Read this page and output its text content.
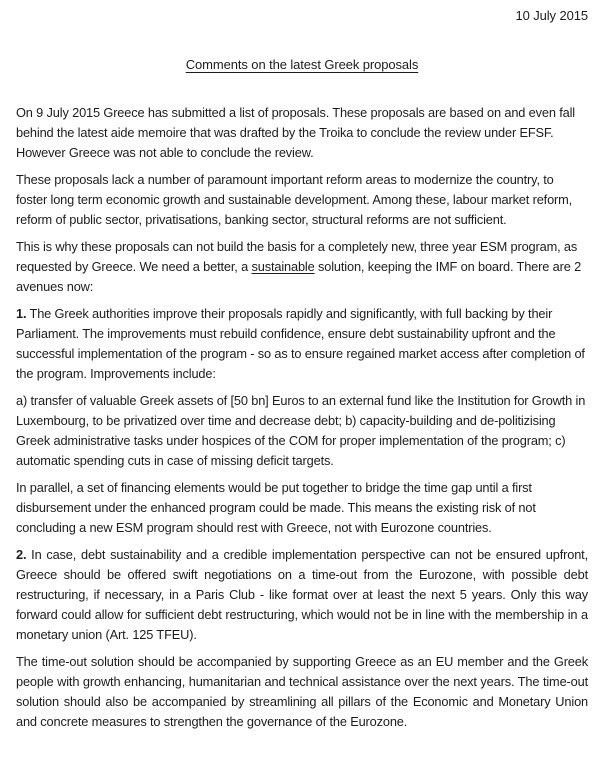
10 July 2015
Comments on the latest Greek proposals

On 9 July 2015 Greece has submitted a list of proposals. These proposals are based on and even fall behind the latest aide memoire that was drafted by the Troika to conclude the review under EFSF. However Greece was not able to conclude the review.

These proposals lack a number of paramount important reform areas to modernize the country, to foster long term economic growth and sustainable development. Among these, labour market reform, reform of public sector, privatisations, banking sector, structural reforms are not sufficient.

This is why these proposals can not build the basis for a completely new, three year ESM program, as requested by Greece. We need a better, a sustainable solution, keeping the IMF on board. There are 2 avenues now:

1. The Greek authorities improve their proposals rapidly and significantly, with full backing by their Parliament. The improvements must rebuild confidence, ensure debt sustainability upfront and the successful implementation of the program - so as to ensure regained market access after completion of the program. Improvements include:

a) transfer of valuable Greek assets of [50 bn] Euros to an external fund like the Institution for Growth in Luxembourg, to be privatized over time and decrease debt; b) capacity-building and de-politizising Greek administrative tasks under hospices of the COM for proper implementation of the program; c) automatic spending cuts in case of missing deficit targets.

In parallel, a set of financing elements would be put together to bridge the time gap until a first disbursement under the enhanced program could be made. This means the existing risk of not concluding a new ESM program should rest with Greece, not with Eurozone countries.

2. In case, debt sustainability and a credible implementation perspective can not be ensured upfront, Greece should be offered swift negotiations on a time-out from the Eurozone, with possible debt restructuring, if necessary, in a Paris Club - like format over at least the next 5 years. Only this way forward could allow for sufficient debt restructuring, which would not be in line with the membership in a monetary union (Art. 125 TFEU).

The time-out solution should be accompanied by supporting Greece as an EU member and the Greek people with growth enhancing, humanitarian and technical assistance over the next years. The time-out solution should also be accompanied by streamlining all pillars of the Economic and Monetary Union and concrete measures to strengthen the governance of the Eurozone.
